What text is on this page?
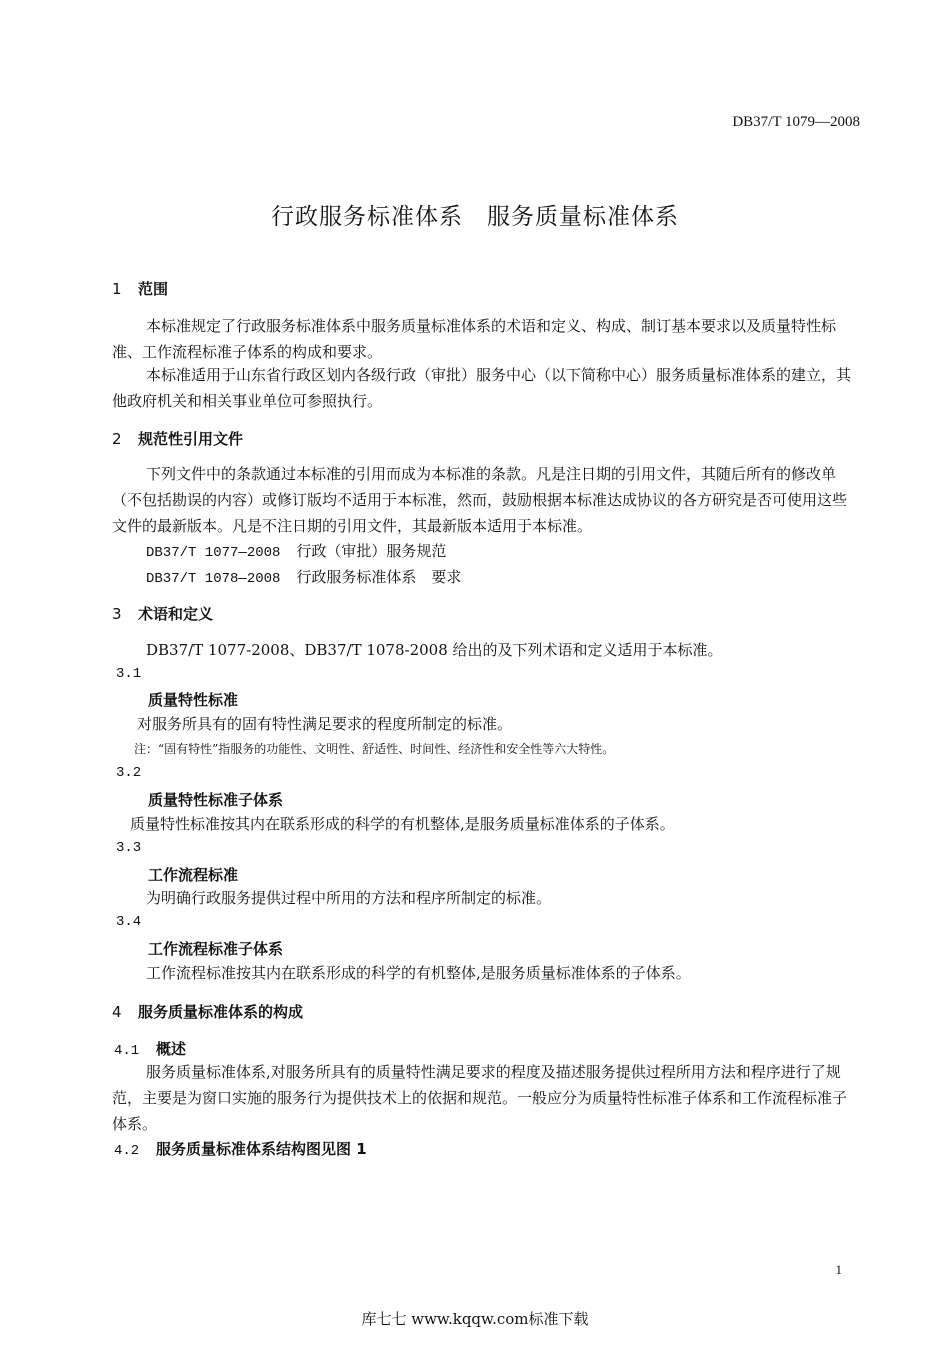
DB37/T 1079—2008
行政服务标准体系　服务质量标准体系
1 范围
本标准规定了行政服务标准体系中服务质量标准体系的术语和定义、构成、制订基本要求以及质量特性标准、工作流程标准子体系的构成和要求。
本标准适用于山东省行政区划内各级行政（审批）服务中心（以下简称中心）服务质量标准体系的建立，其他政府机关和相关事业单位可参照执行。
2 规范性引用文件
下列文件中的条款通过本标准的引用而成为本标准的条款。凡是注日期的引用文件，其随后所有的修改单（不包括勘误的内容）或修订版均不适用于本标准，然而，鼓励根据本标准达成协议的各方研究是否可使用这些文件的最新版本。凡是不注日期的引用文件，其最新版本适用于本标准。
DB37/T 1077—2008 行政（审批）服务规范
DB37/T 1078—2008 行政服务标准体系　要求
3 术语和定义
DB37/T 1077-2008、DB37/T 1078-2008 给出的及下列术语和定义适用于本标准。
3.1
质量特性标准
对服务所具有的固有特性满足要求的程度所制定的标准。
注：“固有特性”指服务的功能性、文明性、舒适性、时间性、经济性和安全性等六大特性。
3.2
质量特性标准子体系
质量特性标准按其内在联系形成的科学的有机整体,是服务质量标准体系的子体系。
3.3
工作流程标准
为明确行政服务提供过程中所用的方法和程序所制定的标准。
3.4
工作流程标准子体系
工作流程标准按其内在联系形成的科学的有机整体,是服务质量标准体系的子体系。
4 服务质量标准体系的构成
4.1 概述
服务质量标准体系,对服务所具有的质量特性满足要求的程度及描述服务提供过程所用方法和程序进行了规范，主要是为窗口实施的服务行为提供技术上的依据和规范。一般应分为质量特性标准子体系和工作流程标准子体系。
4.2 服务质量标准体系结构图见图 1
1
库七七 www.kqqw.com标准下载
